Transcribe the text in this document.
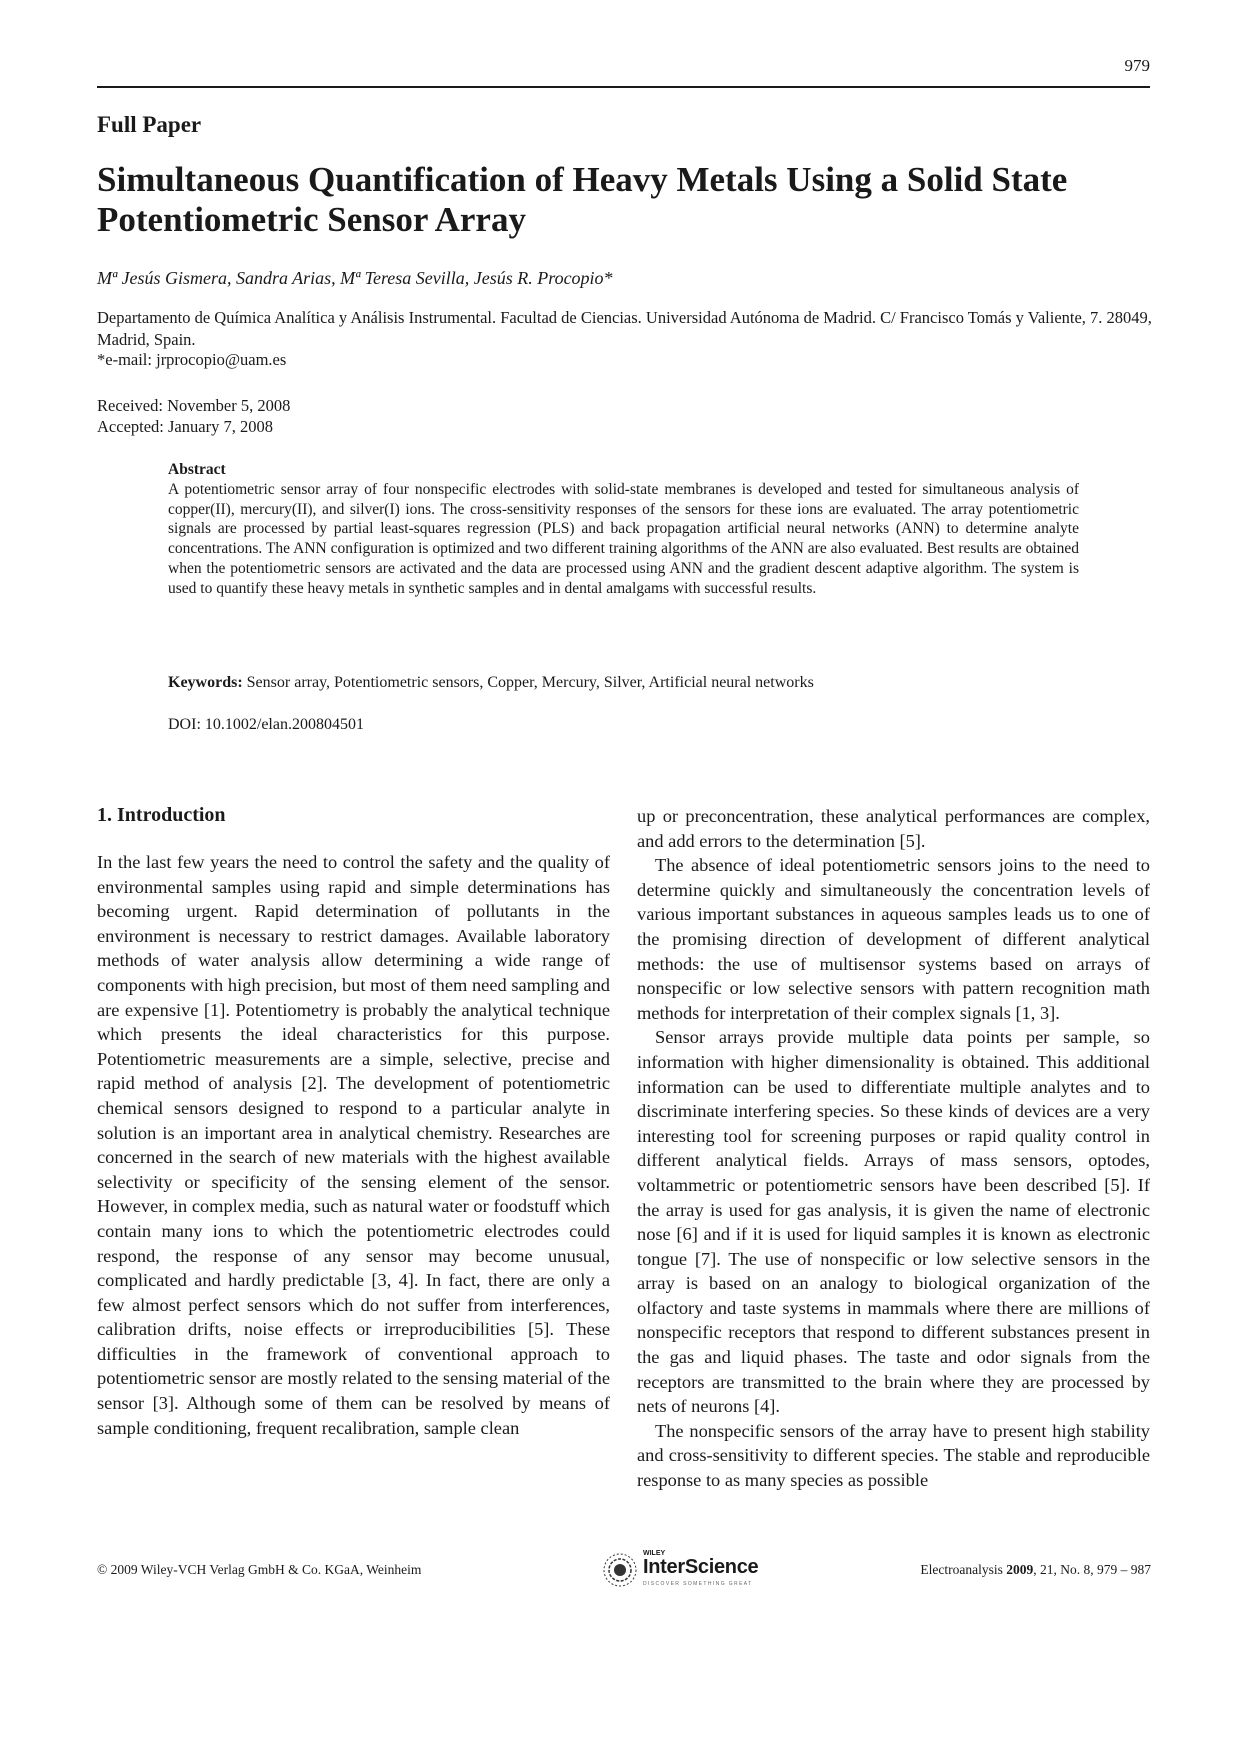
979
Full Paper
Simultaneous Quantification of Heavy Metals Using a Solid State Potentiometric Sensor Array
Mª Jesús Gismera, Sandra Arias, Mª Teresa Sevilla, Jesús R. Procopio*
Departamento de Química Analítica y Análisis Instrumental. Facultad de Ciencias. Universidad Autónoma de Madrid. C/ Francisco Tomás y Valiente, 7. 28049, Madrid, Spain.
*e-mail: jrprocopio@uam.es
Received: November 5, 2008
Accepted: January 7, 2008
Abstract
A potentiometric sensor array of four nonspecific electrodes with solid-state membranes is developed and tested for simultaneous analysis of copper(II), mercury(II), and silver(I) ions. The cross-sensitivity responses of the sensors for these ions are evaluated. The array potentiometric signals are processed by partial least-squares regression (PLS) and back propagation artificial neural networks (ANN) to determine analyte concentrations. The ANN configuration is optimized and two different training algorithms of the ANN are also evaluated. Best results are obtained when the potentiometric sensors are activated and the data are processed using ANN and the gradient descent adaptive algorithm. The system is used to quantify these heavy metals in synthetic samples and in dental amalgams with successful results.
Keywords: Sensor array, Potentiometric sensors, Copper, Mercury, Silver, Artificial neural networks
DOI: 10.1002/elan.200804501

1. Introduction

In the last few years the need to control the safety and the quality of environmental samples using rapid and simple determinations has becoming urgent. Rapid determination of pollutants in the environment is necessary to restrict damages. Available laboratory methods of water analysis allow determining a wide range of components with high precision, but most of them need sampling and are expensive [1]. Potentiometry is probably the analytical technique which presents the ideal characteristics for this purpose. Potentiometric measurements are a simple, selective, precise and rapid method of analysis [2]. The development of potentiometric chemical sensors designed to respond to a particular analyte in solution is an important area in analytical chemistry. Researches are concerned in the search of new materials with the highest available selectivity or specificity of the sensing element of the sensor. However, in complex media, such as natural water or foodstuff which contain many ions to which the potentiometric electrodes could respond, the response of any sensor may become unusual, complicated and hardly predictable [3, 4]. In fact, there are only a few almost perfect sensors which do not suffer from interferences, calibration drifts, noise effects or irreproducibilities [5]. These difficulties in the framework of conventional approach to potentiometric sensor are mostly related to the sensing material of the sensor [3]. Although some of them can be resolved by means of sample conditioning, frequent recalibration, sample clean

up or preconcentration, these analytical performances are complex, and add errors to the determination [5].

The absence of ideal potentiometric sensors joins to the need to determine quickly and simultaneously the concentration levels of various important substances in aqueous samples leads us to one of the promising direction of development of different analytical methods: the use of multisensor systems based on arrays of nonspecific or low selective sensors with pattern recognition math methods for interpretation of their complex signals [1, 3].

Sensor arrays provide multiple data points per sample, so information with higher dimensionality is obtained. This additional information can be used to differentiate multiple analytes and to discriminate interfering species. So these kinds of devices are a very interesting tool for screening purposes or rapid quality control in different analytical fields. Arrays of mass sensors, optodes, voltammetric or potentiometric sensors have been described [5]. If the array is used for gas analysis, it is given the name of electronic nose [6] and if it is used for liquid samples it is known as electronic tongue [7]. The use of nonspecific or low selective sensors in the array is based on an analogy to biological organization of the olfactory and taste systems in mammals where there are millions of nonspecific receptors that respond to different substances present in the gas and liquid phases. The taste and odor signals from the receptors are transmitted to the brain where they are processed by nets of neurons [4].

The nonspecific sensors of the array have to present high stability and cross-sensitivity to different species. The stable and reproducible response to as many species as possible

© 2009 Wiley-VCH Verlag GmbH & Co. KGaA, Weinheim
WILEY
InterScience
DISCOVER SOMETHING GREAT
Electroanalysis 2009, 21, No. 8, 979 – 987
